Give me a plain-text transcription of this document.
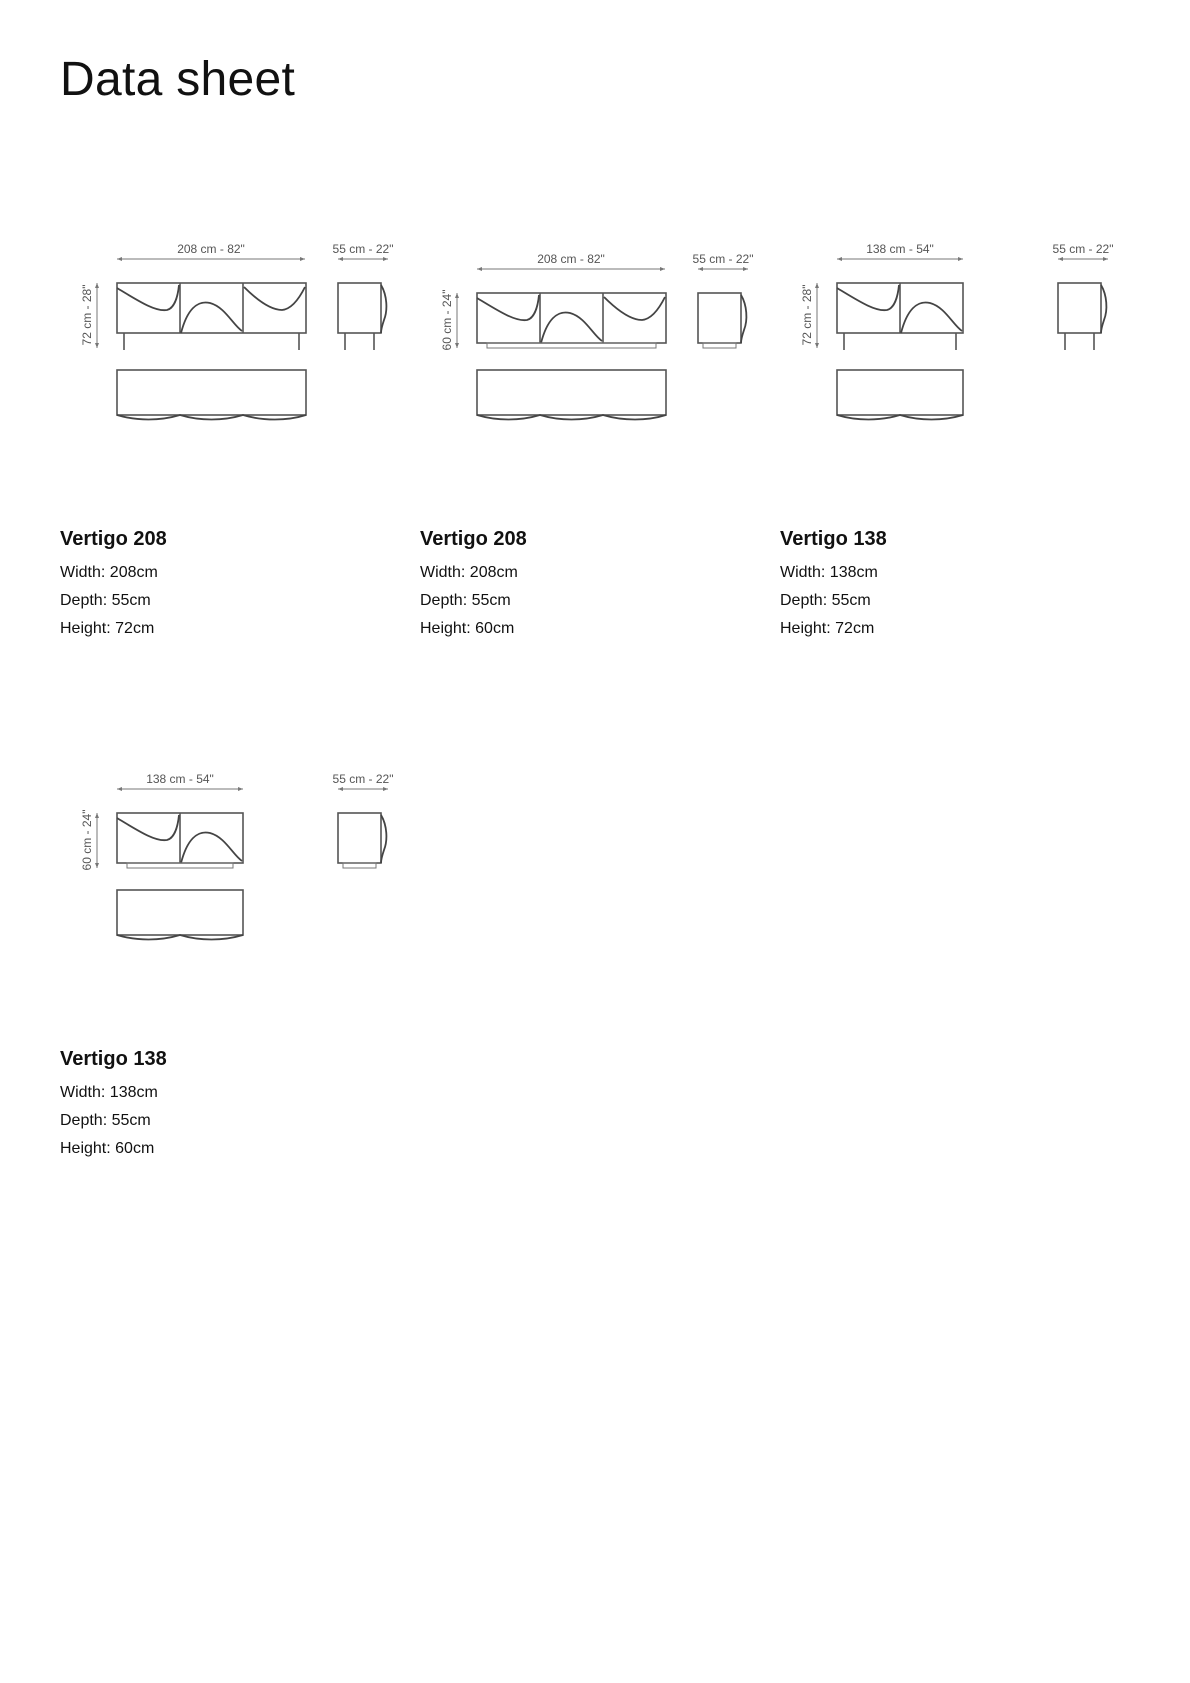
Data sheet
208 cm - 82"
72 cm - 28"
55 cm - 22"
208 cm - 82"
60 cm - 24"
55 cm - 22"
138 cm - 54"
72 cm - 28"
55 cm - 22"
138 cm - 54"
60 cm - 24"
55 cm - 22"

Vertigo 208

Width: 208cm

Depth: 55cm

Height: 72cm

Vertigo 208

Width: 208cm

Depth: 55cm

Height: 60cm

Vertigo 138

Width: 138cm

Depth: 55cm

Height: 72cm

Vertigo 138

Width: 138cm

Depth: 55cm

Height: 60cm
